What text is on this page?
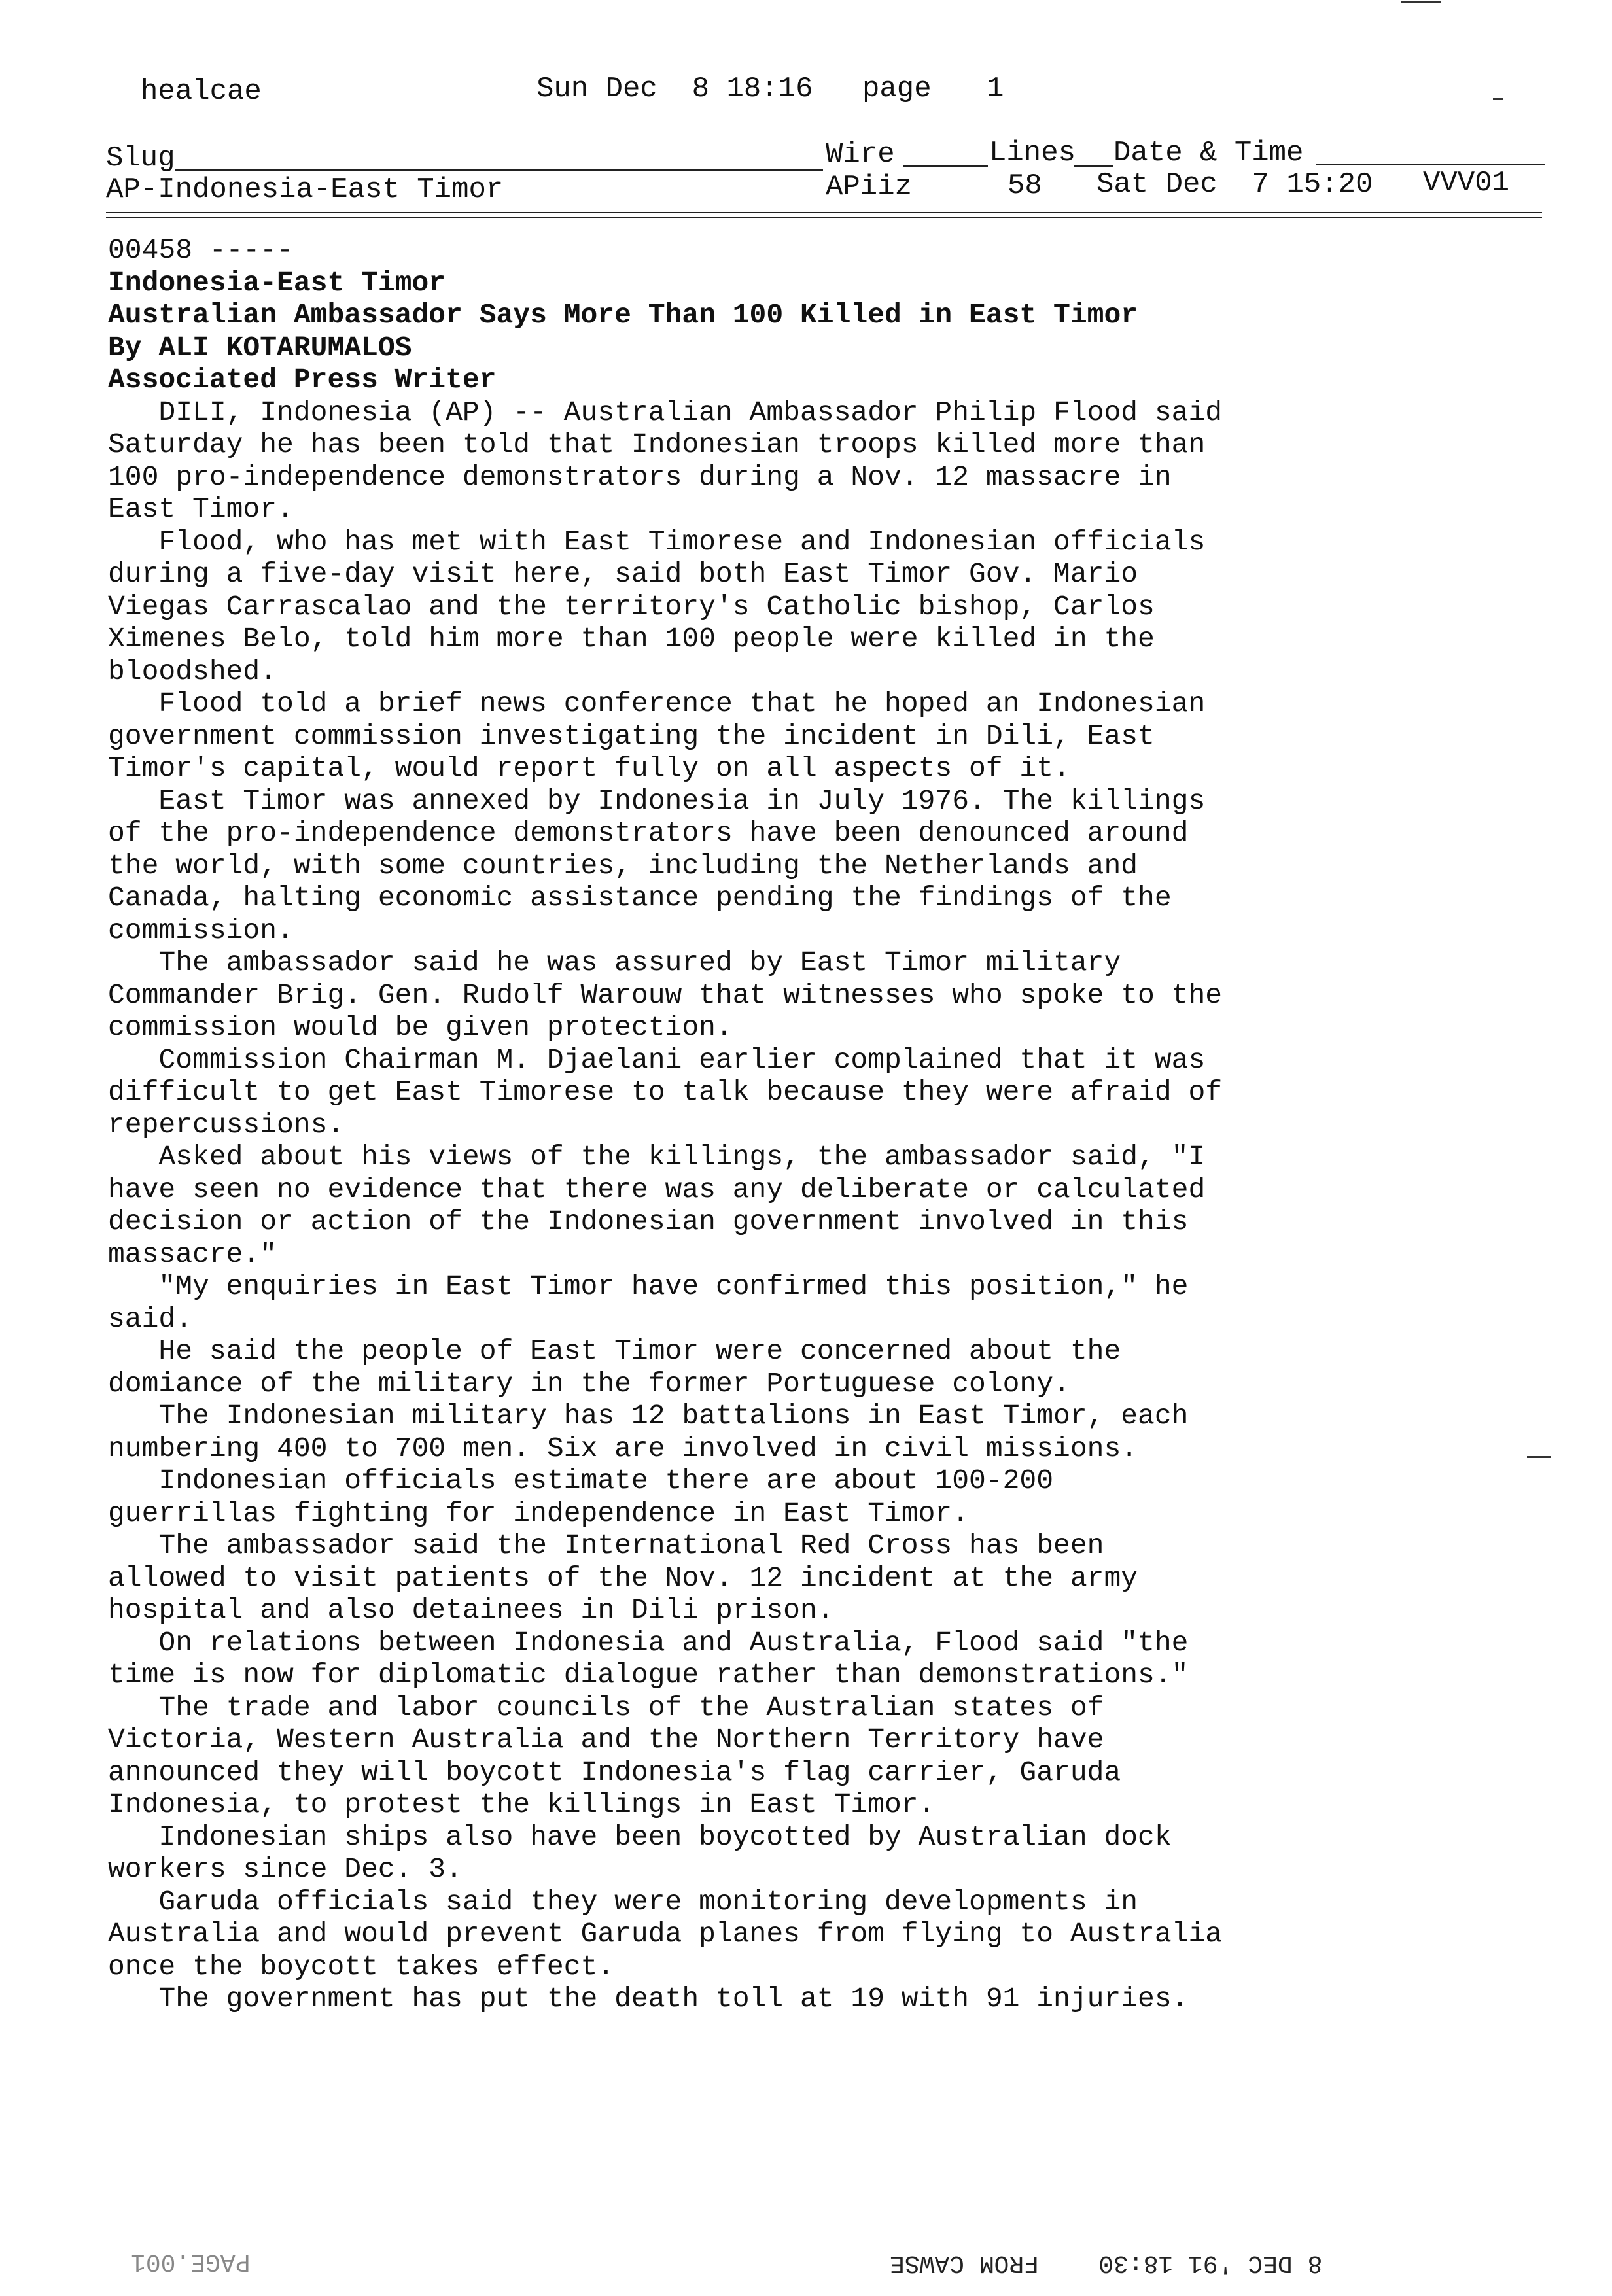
healcae	Sun Dec  8 18:16 page 1
Slug	Wire	Lines Date & Time
AP-Indonesia-East Timor	APiiz	58 Sat Dec  7 15:20 VVV01
00458 -----
Indonesia-East Timor
Australian Ambassador Says More Than 100 Killed in East Timor
By ALI KOTARUMALOS
Associated Press Writer
DILI, Indonesia (AP) -- Australian Ambassador Philip Flood said
Saturday he has been told that Indonesian troops killed more than
100 pro-independence demonstrators during a Nov. 12 massacre in
East Timor.
Flood, who has met with East Timorese and Indonesian officials
during a five-day visit here, said both East Timor Gov. Mario
Viegas Carrascalao and the territory's Catholic bishop, Carlos
Ximenes Belo, told him more than 100 people were killed in the
bloodshed.
Flood told a brief news conference that he hoped an Indonesian
government commission investigating the incident in Dili, East
Timor's capital, would report fully on all aspects of it.
East Timor was annexed by Indonesia in July 1976. The killings
of the pro-independence demonstrators have been denounced around
the world, with some countries, including the Netherlands and
Canada, halting economic assistance pending the findings of the
commission.
The ambassador said he was assured by East Timor military
Commander Brig. Gen. Rudolf Warouw that witnesses who spoke to the
commission would be given protection.
Commission Chairman M. Djaelani earlier complained that it was
difficult to get East Timorese to talk because they were afraid of
repercussions.
Asked about his views of the killings, the ambassador said, "I
have seen no evidence that there was any deliberate or calculated
decision or action of the Indonesian government involved in this
massacre."
"My enquiries in East Timor have confirmed this position," he
said.
He said the people of East Timor were concerned about the
domiance of the military in the former Portuguese colony.
The Indonesian military has 12 battalions in East Timor, each
numbering 400 to 700 men. Six are involved in civil missions.
Indonesian officials estimate there are about 100-200
guerrillas fighting for independence in East Timor.
The ambassador said the International Red Cross has been
allowed to visit patients of the Nov. 12 incident at the army
hospital and also detainees in Dili prison.
On relations between Indonesia and Australia, Flood said "the
time is now for diplomatic dialogue rather than demonstrations."
The trade and labor councils of the Australian states of
Victoria, Western Australia and the Northern Territory have
announced they will boycott Indonesia's flag carrier, Garuda
Indonesia, to protest the killings in East Timor.
Indonesian ships also have been boycotted by Australian dock
workers since Dec. 3.
Garuda officials said they were monitoring developments in
Australia and would prevent Garuda planes from flying to Australia
once the boycott takes effect.
The government has put the death toll at 19 with 91 injuries.
PAGE.001	8 DEC '91 18:30    FROM CAWSE
